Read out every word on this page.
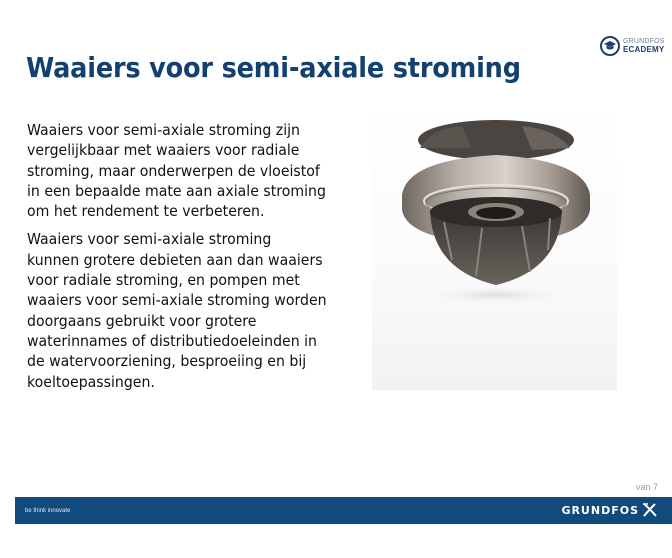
GRUNDFOS
ECADEMY
Waaiers voor semi-axiale stroming

Waaiers voor semi-axiale stroming zijn vergelijkbaar met waaiers voor radiale stroming, maar onderwerpen de vloeistof in een bepaalde mate aan axiale stroming om het rendement te verbeteren.

Waaiers voor semi-axiale stroming kunnen grotere debieten aan dan waaiers voor radiale stroming, en pompen met waaiers voor semi-axiale stroming worden doorgaans gebruikt voor grotere waterinnames of distributiedoeleinden in de watervoorziening, besproeiing en bij koeltoepassingen.

van 7
be think innovate	GRUNDFOS
